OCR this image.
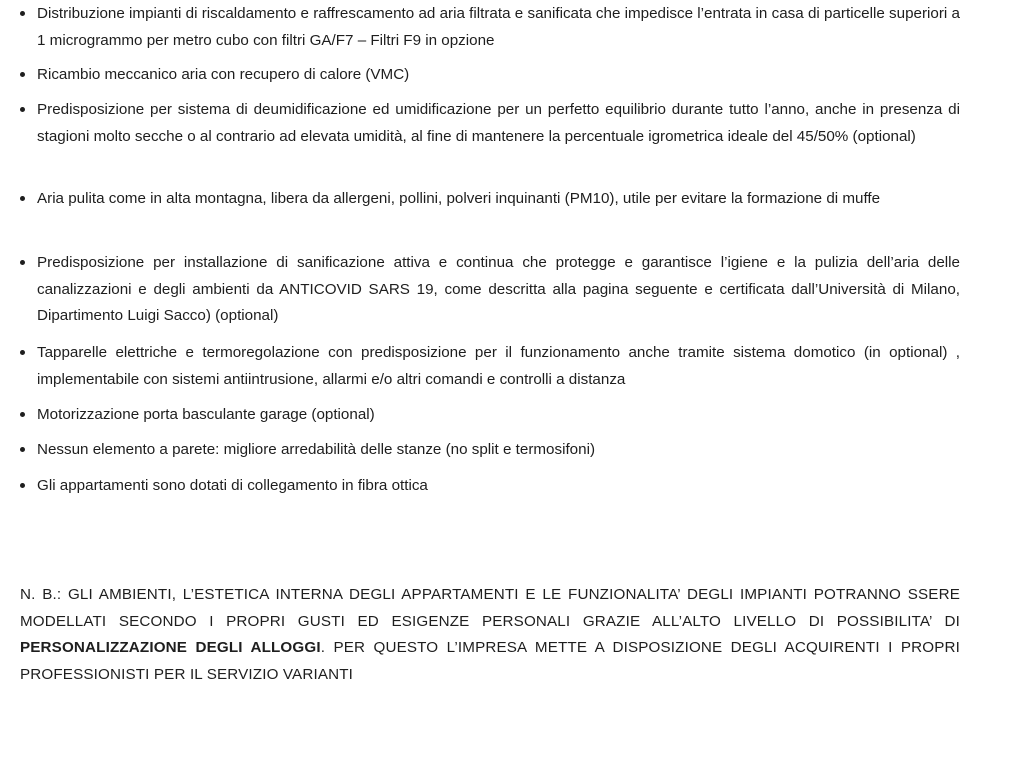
Distribuzione impianti di riscaldamento e raffrescamento ad aria filtrata e sanificata che impedisce l’entrata in casa di particelle superiori a 1 microgrammo per metro cubo con filtri GA/F7 – Filtri F9 in opzione

Ricambio meccanico aria con recupero di calore (VMC)

Predisposizione per sistema di deumidificazione ed umidificazione per un perfetto equilibrio durante tutto l’anno, anche in presenza di stagioni molto secche o al contrario ad elevata umidità, al fine di mantenere la percentuale igrometrica ideale del 45/50% (optional)

Aria pulita come in alta montagna, libera da allergeni, pollini, polveri inquinanti (PM10), utile per evitare la formazione di muffe

Predisposizione per installazione di sanificazione attiva e continua che protegge e garantisce l’igiene e la pulizia dell’aria delle canalizzazioni e degli ambienti da ANTICOVID SARS 19, come descritta alla pagina seguente e certificata dall’Università di Milano, Dipartimento Luigi Sacco) (optional)

Tapparelle elettriche e termoregolazione con predisposizione per il funzionamento anche tramite sistema domotico (in optional) , implementabile con sistemi antiintrusione, allarmi e/o altri comandi e controlli a distanza

Motorizzazione porta basculante garage (optional)

Nessun elemento a parete: migliore arredabilità delle stanze (no split e termosifoni)

Gli appartamenti sono dotati di collegamento in fibra ottica

N. B.: GLI AMBIENTI, L’ESTETICA INTERNA DEGLI APPARTAMENTI E LE FUNZIONALITA’ DEGLI IMPIANTI POTRANNO SSERE MODELLATI SECONDO I PROPRI GUSTI ED ESIGENZE PERSONALI GRAZIE ALL’ALTO LIVELLO DI POSSIBILITA’ DI PERSONALIZZAZIONE DEGLI ALLOGGI. PER QUESTO L’IMPRESA METTE A DISPOSIZIONE DEGLI ACQUIRENTI I PROPRI PROFESSIONISTI PER IL SERVIZIO VARIANTI
